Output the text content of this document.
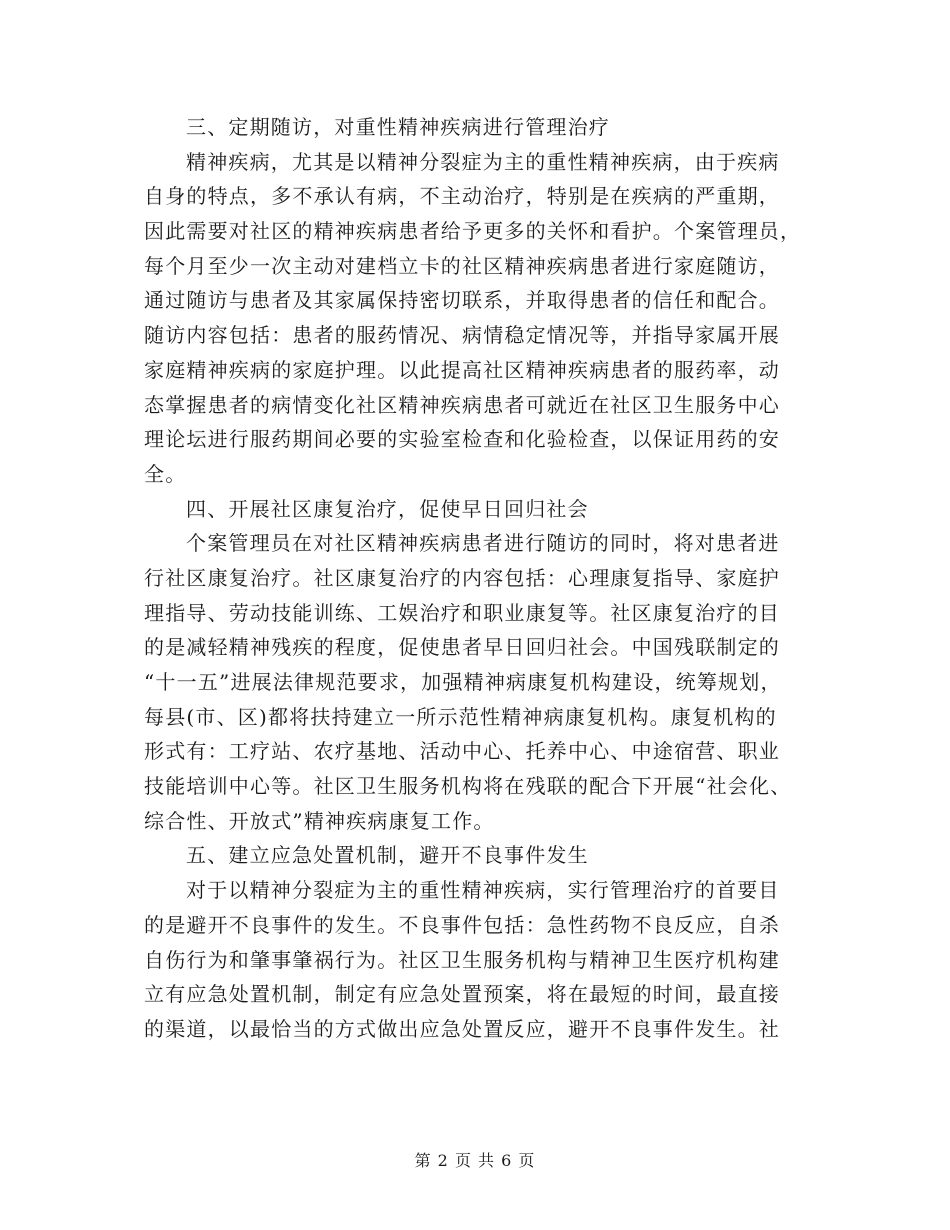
三、定期随访，对重性精神疾病进行管理治疗
精神疾病，尤其是以精神分裂症为主的重性精神疾病，由于疾病
自身的特点，多不承认有病，不主动治疗，特别是在疾病的严重期，
因此需要对社区的精神疾病患者给予更多的关怀和看护。个案管理员，
每个月至少一次主动对建档立卡的社区精神疾病患者进行家庭随访，
通过随访与患者及其家属保持密切联系，并取得患者的信任和配合。
随访内容包括：患者的服药情况、病情稳定情况等，并指导家属开展
家庭精神疾病的家庭护理。以此提高社区精神疾病患者的服药率，动
态掌握患者的病情变化社区精神疾病患者可就近在社区卫生服务中心
理论坛进行服药期间必要的实验室检查和化验检查，以保证用药的安
全。
四、开展社区康复治疗，促使早日回归社会
个案管理员在对社区精神疾病患者进行随访的同时，将对患者进
行社区康复治疗。社区康复治疗的内容包括：心理康复指导、家庭护
理指导、劳动技能训练、工娱治疗和职业康复等。社区康复治疗的目
的是减轻精神残疾的程度，促使患者早日回归社会。中国残联制定的
“十一五”进展法律规范要求，加强精神病康复机构建设，统筹规划，
每县(市、区)都将扶持建立一所示范性精神病康复机构。康复机构的
形式有：工疗站、农疗基地、活动中心、托养中心、中途宿营、职业
技能培训中心等。社区卫生服务机构将在残联的配合下开展“社会化、
综合性、开放式”精神疾病康复工作。
五、建立应急处置机制，避开不良事件发生
对于以精神分裂症为主的重性精神疾病，实行管理治疗的首要目
的是避开不良事件的发生。不良事件包括：急性药物不良反应，自杀
自伤行为和肇事肇祸行为。社区卫生服务机构与精神卫生医疗机构建
立有应急处置机制，制定有应急处置预案，将在最短的时间，最直接
的渠道，以最恰当的方式做出应急处置反应，避开不良事件发生。社
第 2 页 共 6 页
